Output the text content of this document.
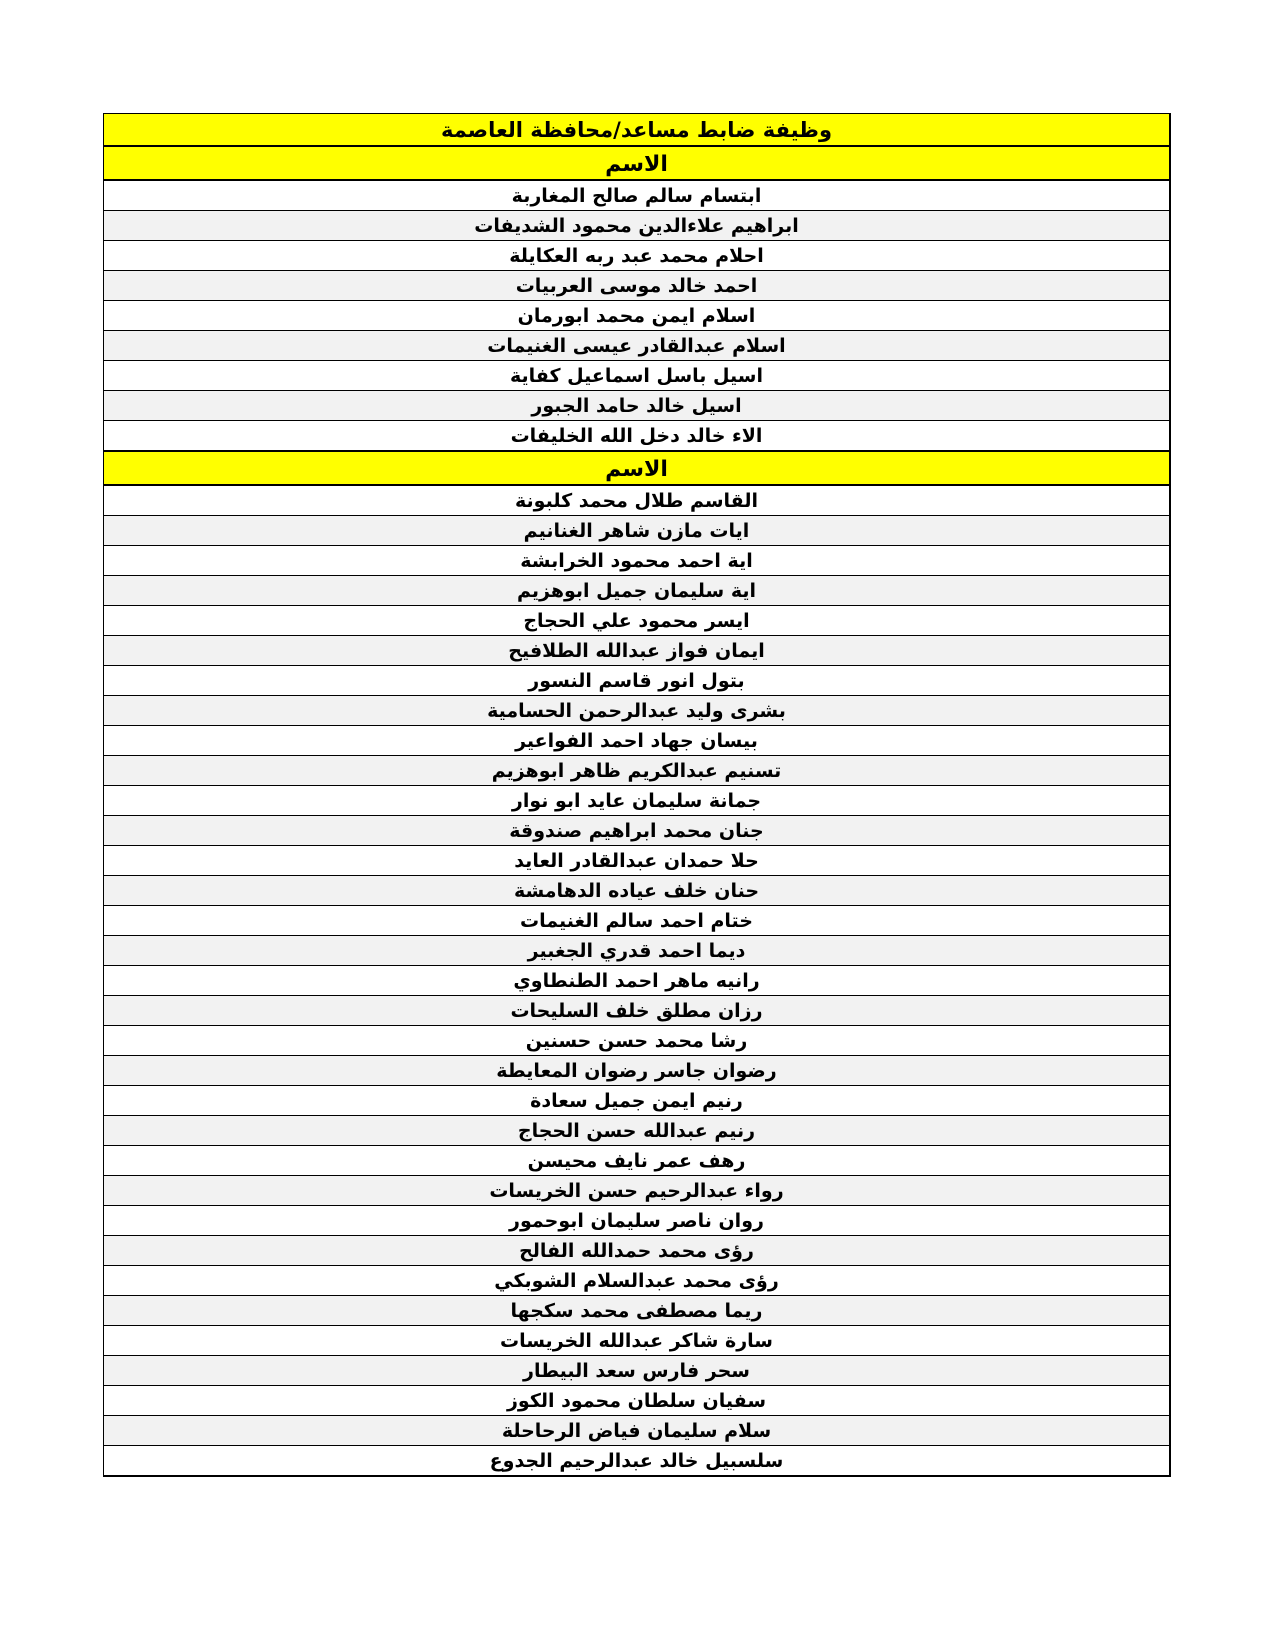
وظيفة ضابط مساعد/محافظة العاصمة
الاسم
ابتسام سالم صالح المغاربة
ابراهيم علاءالدين محمود الشديفات
احلام محمد عبد ربه العكايلة
احمد خالد موسى العربيات
اسلام ايمن محمد ابورمان
اسلام عبدالقادر عيسى الغنيمات
اسيل باسل اسماعيل كفاية
اسيل خالد حامد الجبور
الاء خالد دخل الله الخليفات
الاسم
القاسم طلال محمد كلبونة
ايات مازن شاهر الغنانيم
اية احمد محمود الخرابشة
اية سليمان جميل ابوهزيم
ايسر محمود علي الحجاج
ايمان فواز عبدالله الطلافيح
بتول انور قاسم النسور
بشرى وليد عبدالرحمن الحسامية
بيسان جهاد احمد الفواعير
تسنيم عبدالكريم ظاهر ابوهزيم
جمانة سليمان عايد ابو نوار
جنان محمد ابراهيم صندوقة
حلا حمدان عبدالقادر العايد
حنان خلف عياده الدهامشة
ختام احمد سالم الغنيمات
ديما احمد قدري الجغبير
رانيه ماهر احمد الطنطاوي
رزان مطلق خلف السليحات
رشا محمد حسن حسنين
رضوان جاسر رضوان المعايطة
رنيم ايمن جميل سعادة
رنيم عبدالله حسن الحجاج
رهف عمر نايف محيسن
رواء عبدالرحيم حسن الخريسات
روان ناصر سليمان ابوحمور
رؤى محمد حمدالله الفالح
رؤى محمد عبدالسلام الشوبكي
ريما مصطفى محمد سكجها
سارة شاكر عبدالله الخريسات
سحر فارس سعد البيطار
سفيان سلطان محمود الكوز
سلام سليمان فياض الرحاحلة
سلسبيل خالد عبدالرحيم الجدوع
